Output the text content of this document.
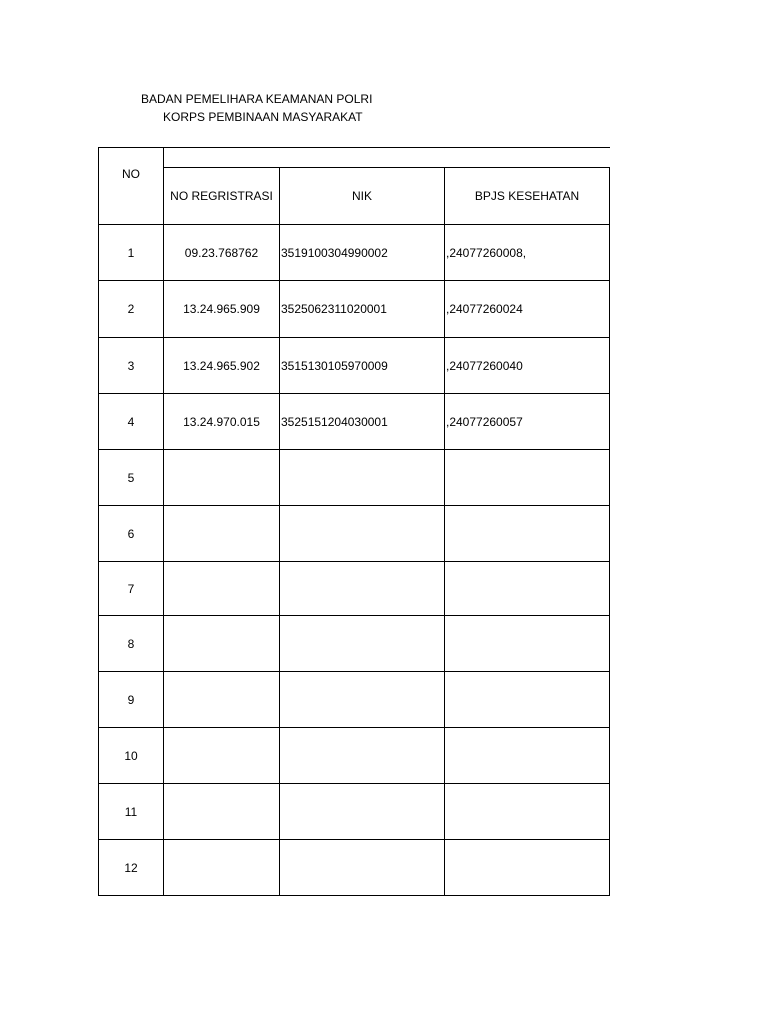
BADAN PEMELIHARA KEAMANAN POLRI
KORPS PEMBINAAN MASYARAKAT
NO
NO REGRISTRASI	NIK	BPJS KESEHATAN
1	09.23.768762	3519100304990002	,24077260008,
2	13.24.965.909	3525062311020001	,24077260024
3	13.24.965.902	3515130105970009	,24077260040
4	13.24.970.015	3525151204030001	,24077260057
5
6
7
8
9
10
11
12
